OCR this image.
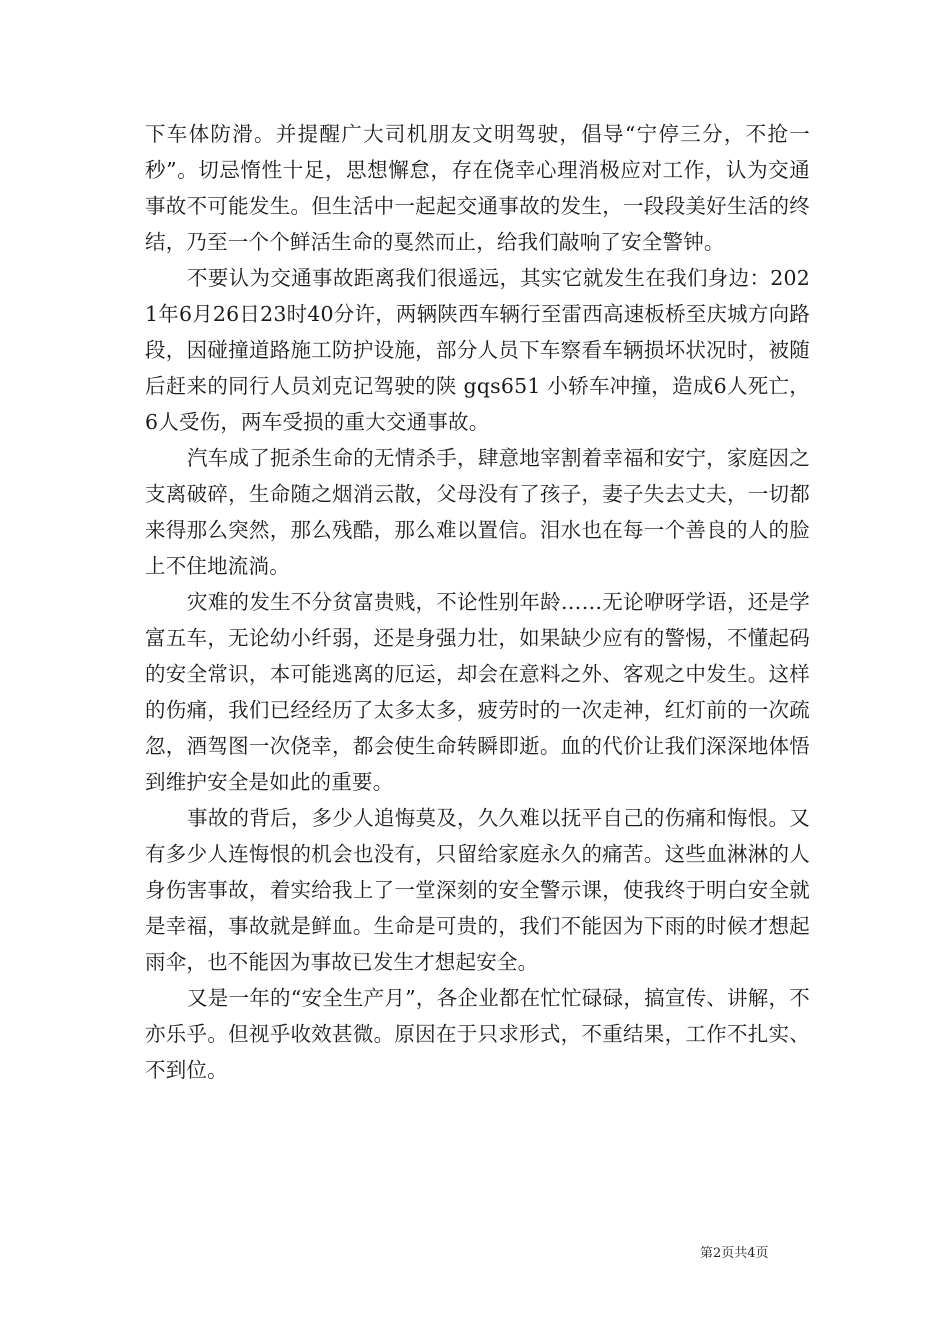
下车体防滑。并提醒广大司机朋友文明驾驶，倡导“宁停三分，不抢一秒”。切忌惰性十足，思想懈怠，存在侥幸心理消极应对工作，认为交通事故不可能发生。但生活中一起起交通事故的发生，一段段美好生活的终结，乃至一个个鲜活生命的戛然而止，给我们敲响了安全警钟。

不要认为交通事故距离我们很遥远，其实它就发生在我们身边：2021年6月26日23时40分许，两辆陕西车辆行至雷西高速板桥至庆城方向路段，因碰撞道路施工防护设施，部分人员下车察看车辆损坏状况时，被随后赶来的同行人员刘克记驾驶的陕 gqs651 小轿车冲撞，造成6人死亡，6人受伤，两车受损的重大交通事故。

汽车成了扼杀生命的无情杀手，肆意地宰割着幸福和安宁，家庭因之支离破碎，生命随之烟消云散，父母没有了孩子，妻子失去丈夫，一切都来得那么突然，那么残酷，那么难以置信。泪水也在每一个善良的人的脸上不住地流淌。

灾难的发生不分贫富贵贱，不论性别年龄……无论咿呀学语，还是学富五车，无论幼小纤弱，还是身强力壮，如果缺少应有的警惕，不懂起码的安全常识，本可能逃离的厄运，却会在意料之外、客观之中发生。这样的伤痛，我们已经经历了太多太多，疲劳时的一次走神，红灯前的一次疏忽，酒驾图一次侥幸，都会使生命转瞬即逝。血的代价让我们深深地体悟到维护安全是如此的重要。

事故的背后，多少人追悔莫及，久久难以抚平自己的伤痛和悔恨。又有多少人连悔恨的机会也没有，只留给家庭永久的痛苦。这些血淋淋的人身伤害事故，着实给我上了一堂深刻的安全警示课，使我终于明白安全就是幸福，事故就是鲜血。生命是可贵的，我们不能因为下雨的时候才想起雨伞，也不能因为事故已发生才想起安全。

又是一年的“安全生产月”，各企业都在忙忙碌碌，搞宣传、讲解，不亦乐乎。但视乎收效甚微。原因在于只求形式，不重结果，工作不扎实、不到位。

第2页共4页
